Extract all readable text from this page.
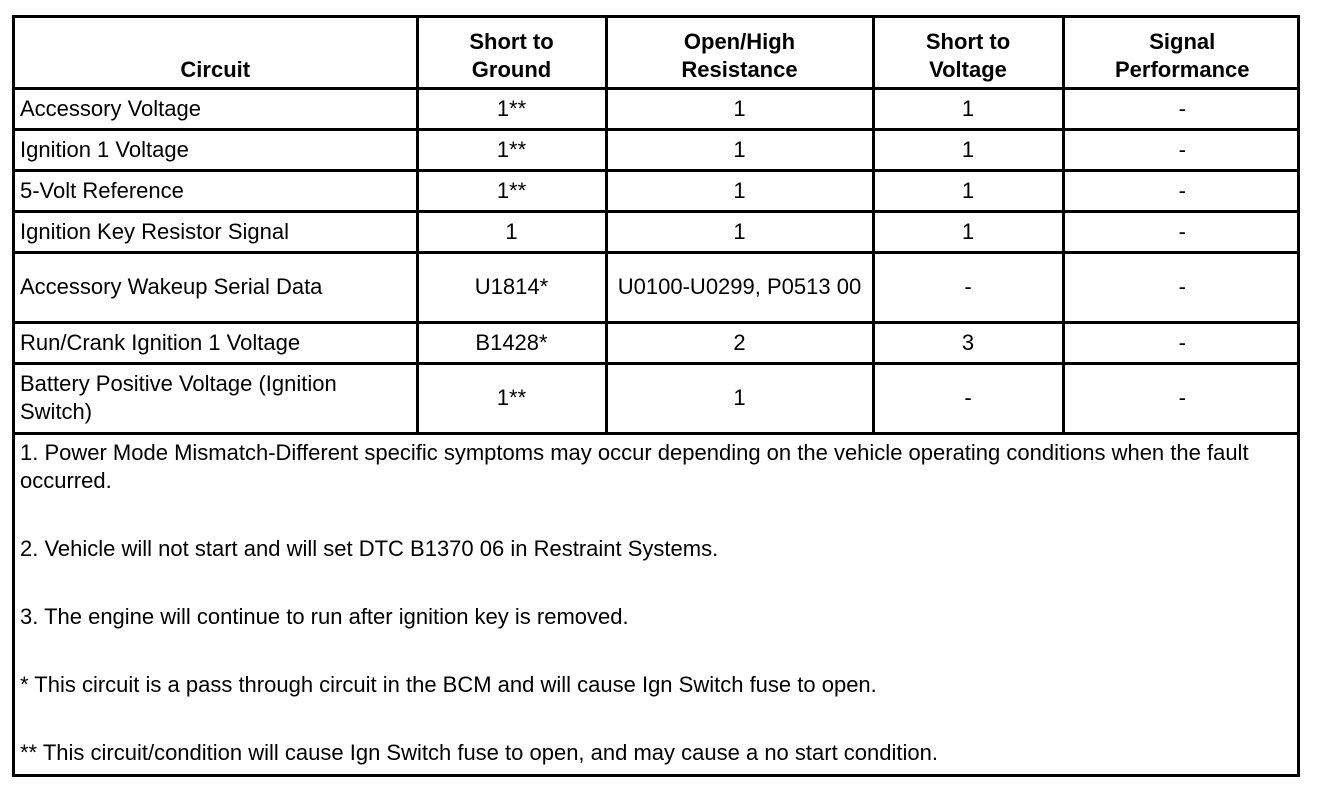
Circuit	Short to Ground	Open/High Resistance	Short to Voltage	Signal Performance
Accessory Voltage	1**	1	1	-
Ignition 1 Voltage	1**	1	1	-
5-Volt Reference	1**	1	1	-
Ignition Key Resistor Signal	1	1	1	-
Accessory Wakeup Serial Data	U1814*	U0100-U0299, P0513 00	-	-
Run/Crank Ignition 1 Voltage	B1428*	2	3	-
Battery Positive Voltage (Ignition Switch)	1**	1	-	-

1. Power Mode Mismatch-Different specific symptoms may occur depending on the vehicle operating conditions when the fault occurred.

2. Vehicle will not start and will set DTC B1370 06 in Restraint Systems.

3. The engine will continue to run after ignition key is removed.

* This circuit is a pass through circuit in the BCM and will cause Ign Switch fuse to open.

** This circuit/condition will cause Ign Switch fuse to open, and may cause a no start condition.
